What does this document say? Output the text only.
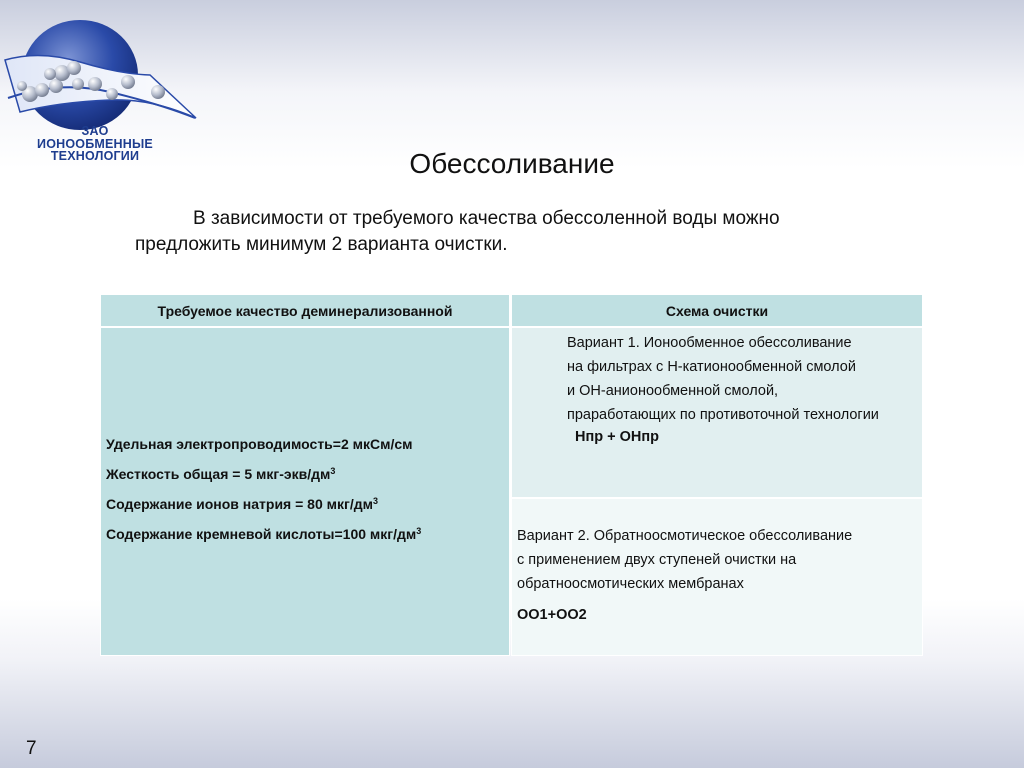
ЗАО
ИОНООБМЕННЫЕ
ТЕХНОЛОГИИ	Обессоливание
В зависимости от требуемого качества обессоленной воды можно
предложить минимум 2 варианта очистки.
Требуемое качество деминерализованной	Схема очистки
Удельная электропроводимость=2 мкСм/см
Жесткость общая = 5 мкг-$экв/дм^3$
Содержание ионов натрия = 80 мкг/$дм^3$
Содержание кремневой кислоты=100 мкг/$дм^3$
Вариант 1. Ионообменное обессоливание
на фильтрах с Н-катионообменной смолой
и ОН-анионообменной смолой,
праработающих по противоточной технологии
Нпр + ОНпр
Вариант 2. Обратноосмотическое обессоливание
с применением двух ступеней очистки на
обратноосмотических мембранах
ОО1+ОО2
7
